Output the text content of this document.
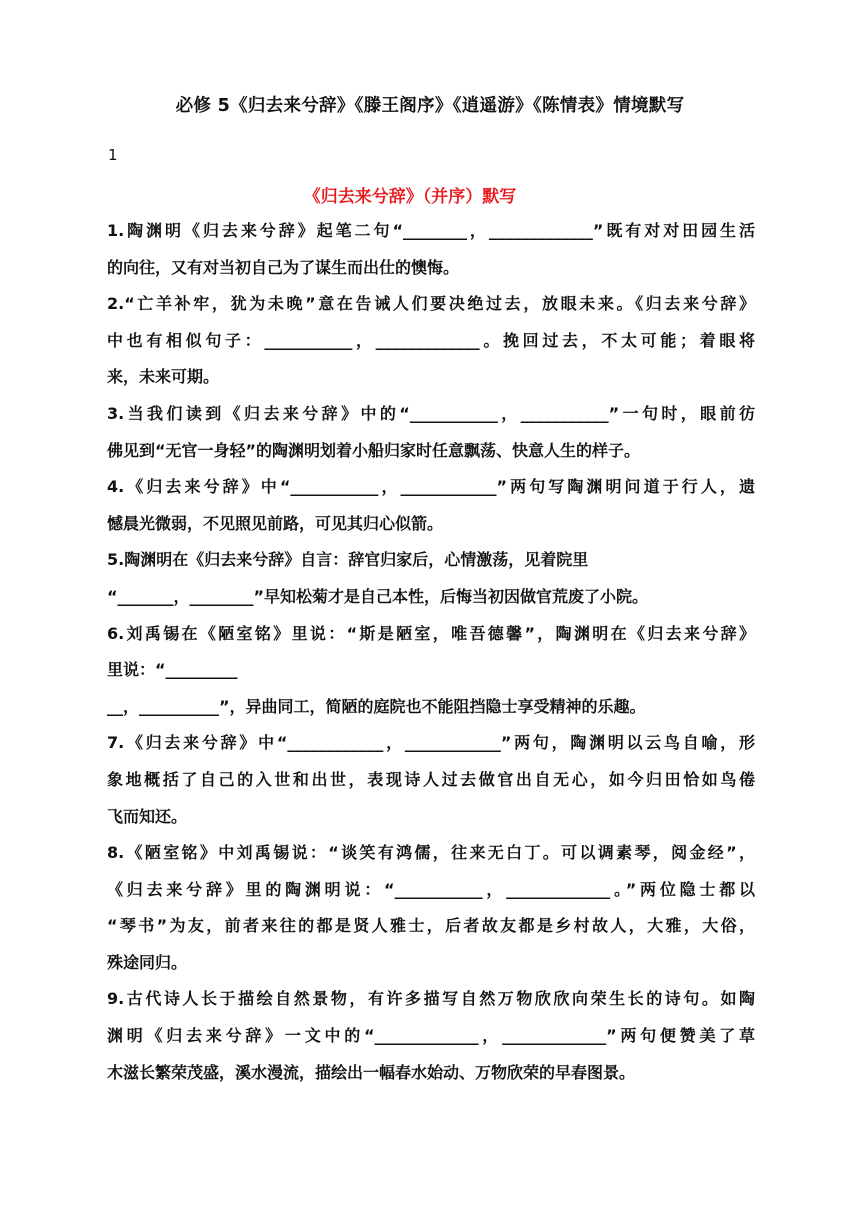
必修 5《归去来兮辞》《滕王阁序》《逍遥游》《陈情表》情境默写
1
《归去来兮辞》（并序）默写
1.陶渊明《归去来兮辞》起笔二句“________，_____________”既有对对田园生活
的向往，又有对当初自己为了谋生而出仕的懊悔。
2.“亡羊补牢，犹为未晚”意在告诫人们要决绝过去，放眼未来。《归去来兮辞》
中也有相似句子：___________，_____________。挽回过去，不太可能；着眼将
来，未来可期。
3.当我们读到《归去来兮辞》中的“___________，___________”一句时，眼前彷
佛见到“无官一身轻”的陶渊明划着小船归家时任意飘荡、快意人生的样子。
4.《归去来兮辞》中“___________，____________”两句写陶渊明问道于行人，遗
憾晨光微弱，不见照见前路，可见其归心似箭。
5.陶渊明在《归去来兮辞》自言：辞官归家后，心情激荡，见着院里
“_______，________”早知松菊才是自己本性，后悔当初因做官荒废了小院。
6.刘禹锡在《陋室铭》里说：“斯是陋室，唯吾德馨”，陶渊明在《归去来兮辞》
里说：“_________
__，__________”，异曲同工，简陋的庭院也不能阻挡隐士享受精神的乐趣。
7.《归去来兮辞》中“____________，____________”两句，陶渊明以云鸟自喻，形
象地概括了自己的入世和出世，表现诗人过去做官出自无心，如今归田恰如鸟倦
飞而知还。
8.《陋室铭》中刘禹锡说：“谈笑有鸿儒，往来无白丁。可以调素琴，阅金经”，
《归去来兮辞》里的陶渊明说：“___________，_____________。”两位隐士都以
“琴书”为友，前者来往的都是贤人雅士，后者故友都是乡村故人，大雅，大俗，
殊途同归。
9.古代诗人长于描绘自然景物，有许多描写自然万物欣欣向荣生长的诗句。如陶
渊明《归去来兮辞》一文中的“_____________，_____________”两句便赞美了草
木滋长繁荣茂盛，溪水漫流，描绘出一幅春水始动、万物欣荣的早春图景。
